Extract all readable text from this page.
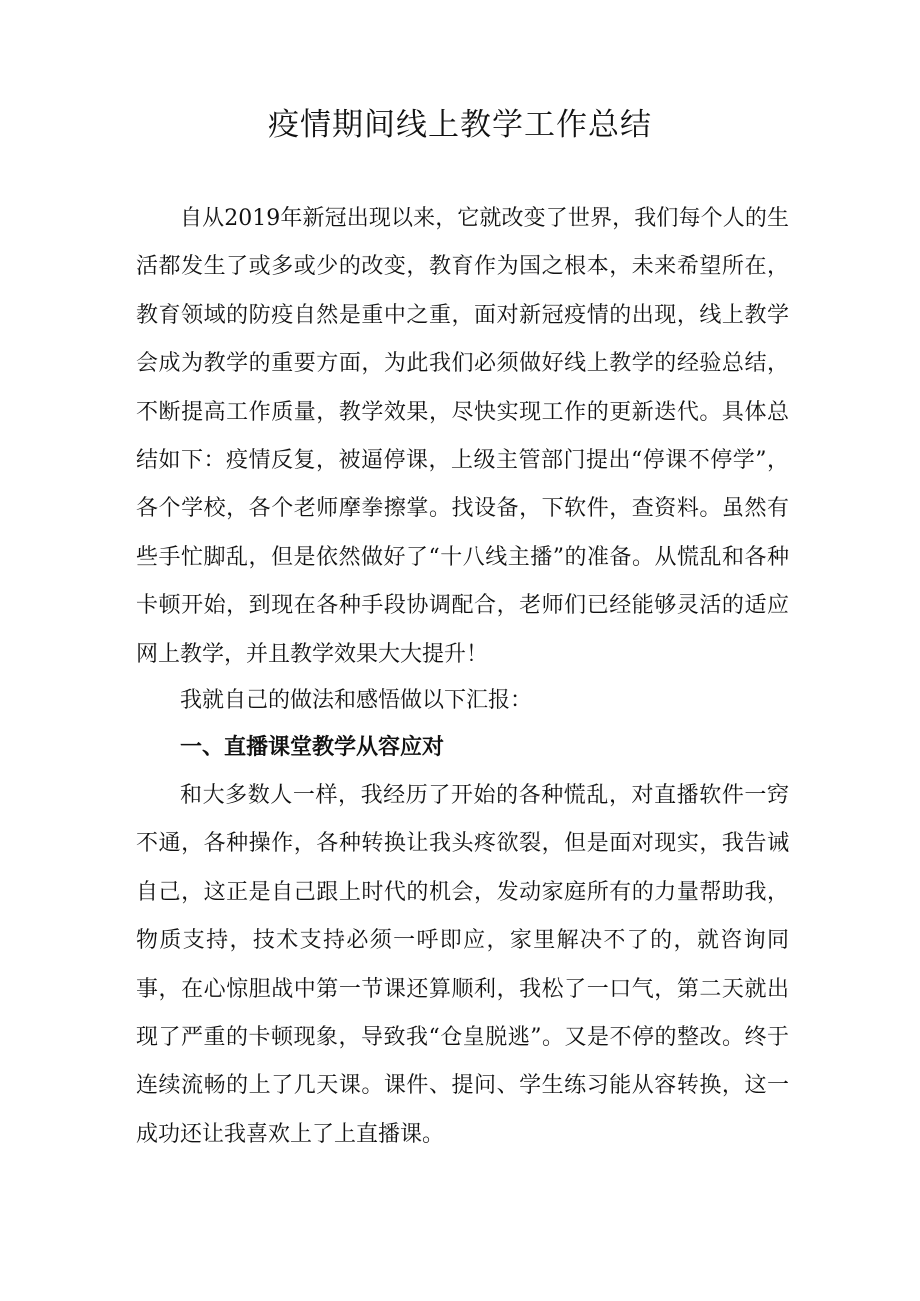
疫情期间线上教学工作总结

自从2019年新冠出现以来，它就改变了世界，我们每个人的生活都发生了或多或少的改变，教育作为国之根本，未来希望所在，教育领域的防疫自然是重中之重，面对新冠疫情的出现，线上教学会成为教学的重要方面，为此我们必须做好线上教学的经验总结，不断提高工作质量，教学效果，尽快实现工作的更新迭代。具体总结如下：疫情反复，被逼停课，上级主管部门提出“停课不停学”，各个学校，各个老师摩拳擦掌。找设备，下软件，查资料。虽然有些手忙脚乱，但是依然做好了“十八线主播”的准备。从慌乱和各种卡顿开始，到现在各种手段协调配合，老师们已经能够灵活的适应网上教学，并且教学效果大大提升！

我就自己的做法和感悟做以下汇报：

一、直播课堂教学从容应对

和大多数人一样，我经历了开始的各种慌乱，对直播软件一窍不通，各种操作，各种转换让我头疼欲裂，但是面对现实，我告诫自己，这正是自己跟上时代的机会，发动家庭所有的力量帮助我，物质支持，技术支持必须一呼即应，家里解决不了的，就咨询同事，在心惊胆战中第一节课还算顺利，我松了一口气，第二天就出现了严重的卡顿现象，导致我“仓皇脱逃”。又是不停的整改。终于连续流畅的上了几天课。课件、提问、学生练习能从容转换，这一成功还让我喜欢上了上直播课。
